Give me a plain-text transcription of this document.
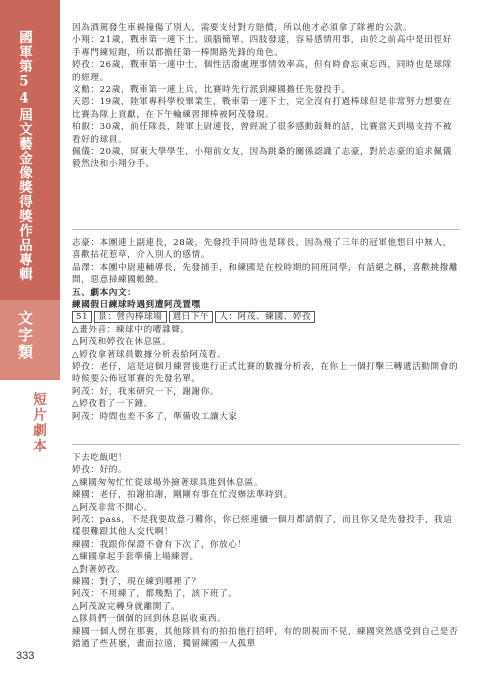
國軍第54屆文藝金像獎得獎作品專輯
文字類
短片劇本
333
因為酒駕發生車禍撞傷了別人，需要支付對方賠償，所以他才必須拿了隊裡的公款。
小翔：21歲，戰車第一連下士、頭腦簡單、四肢發達，容易感情用事，由於之前高中是田徑好手專門練短跑，所以都擔任第一棒開路先鋒的角色。
婷孜：26歲，戰車第一連中士，個性活潑處理事情效率高，但有時會忘東忘西，同時也是球隊的經理。
文勳：22歲，戰車第一連上兵，比賽時先行派到練國擔任先發投手。
天恩：19歲，陸軍專科學校畢業生，戰車第一連下士，完全沒有打過棒球但是非常努力想要在比賽為隊上貢獻，在下午輪練習揮棒被阿茂發現。
柏叡：30歲，前任隊長，陸軍上尉連長，曾經說了很多感動鼓舞的話，比賽當天到場支持不被看好的球員。
佩儀：20歲，屏東大學學生，小翔前女友，因為跳桑的關係認識了志豪，對於志豪的追求佩儀毅然決和小翔分手。
志豪：本團連上副連長，28歲，先發投手同時也是隊長，因為飛了三年的冠軍他想目中無人，喜歡拈花惹草，介入別人的感情。
品澤：本團中尉連輔導長，先發捕手，和練國是在校時期的同班同學，有話絕之稱，喜歡挑撥離間，惡意掃練國帳饒。
五、劇本內文：
練國假日練球時遇到遭阿茂置嘿
51 景：營內棒球場 週日下午 人：阿茂、練國、婷孜
△畫外音：練球中的嘈雜聲。
△阿茂和婷孜在休息區。
△婷孜拿著球員數據分析表給阿茂看。
婷孜：老仔，這是這個月練習後進行正式比賽的數據分析表，在你上一個打擊三轉遞活動開會的時候要公佈冠軍賽的先發名單。
阿茂：好，我來研究一下，謝謝你。
△婷孜看了一下鍾。
阿茂：時間也差不多了，準備收工讓大家
下去吃飯吧！
婷孜：好的。
△練國匆匆忙忙從球場外撿著球具進到休息區。
練國：老仔，拍謝拍謝，剛剛有事在忙沒辦法準時到。
△阿茂非常不開心。
阿茂：pass，不是我要故意刁難你，你已經連續一個月都請假了，而且你又是先發投手，我這樣很難跟其他人交代啊！
練國：我跟你保證不會有下次了，你放心！
△練國拿起手套準備上場練習。
△對著婷孜。
練國：對了，現在練到哪裡了？
阿茂：不用練了，都幾點了，該下班了。
△阿茂說完轉身就離開了。
△隊員們一個個的回到休息區收東西。
練國一個人愣在那裏，其他隊員有的拍拍他打招呼，有的則視而不見，練國突然感受到自己是否錯過了些甚麼，畫面拉遠，獨留練國一人孤單
